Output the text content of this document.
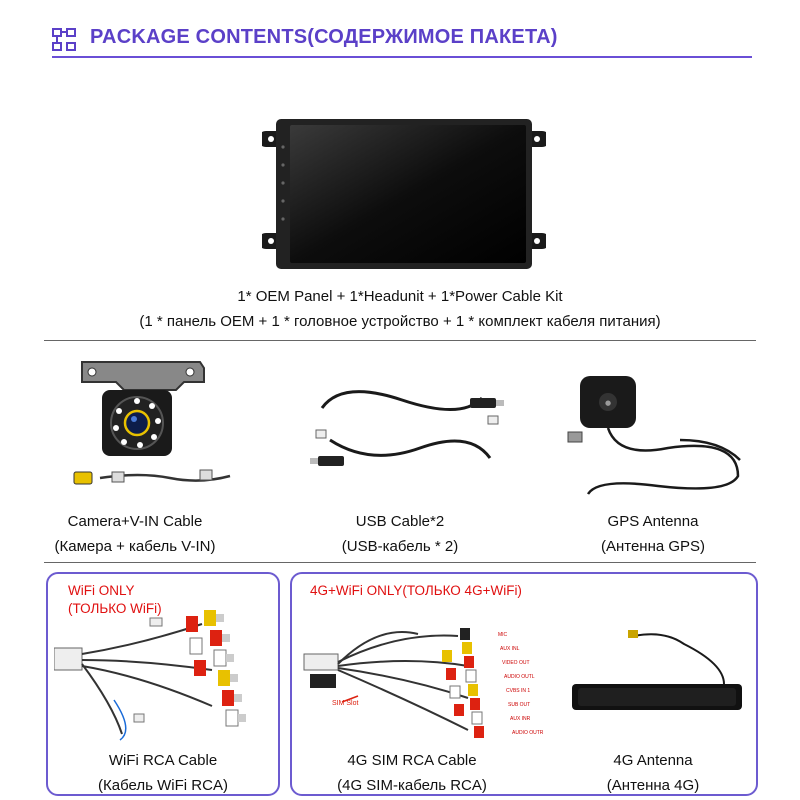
PACKAGE CONTENTS(СОДЕРЖИМОЕ ПАКЕТА)
1* OEM Panel + 1*Headunit + 1*Power Cable Kit
(1 * панель OEM + 1 * головное устройство + 1 * комплект кабеля питания)
●
Camera+V-IN Cable
(Камера + кабель V-IN)
USB Cable*2
(USB-кабель * 2)
GPS Antenna
(Антенна GPS)
WiFi ONLY
(ТОЛЬКО WiFi)
WiFi RCA Cable
(Кабель WiFi RCA)
4G+WiFi ONLY(ТОЛЬКО 4G+WiFi)
MIC
AUX INL
VIDEO OUT
AUDIO OUTL
CVBS IN 1
SUB OUT
AUX INR
AUDIO OUTR
SIM Slot
4G SIM RCA Cable
(4G SIM-кабель RCA)
4G Antenna
(Антенна 4G)
